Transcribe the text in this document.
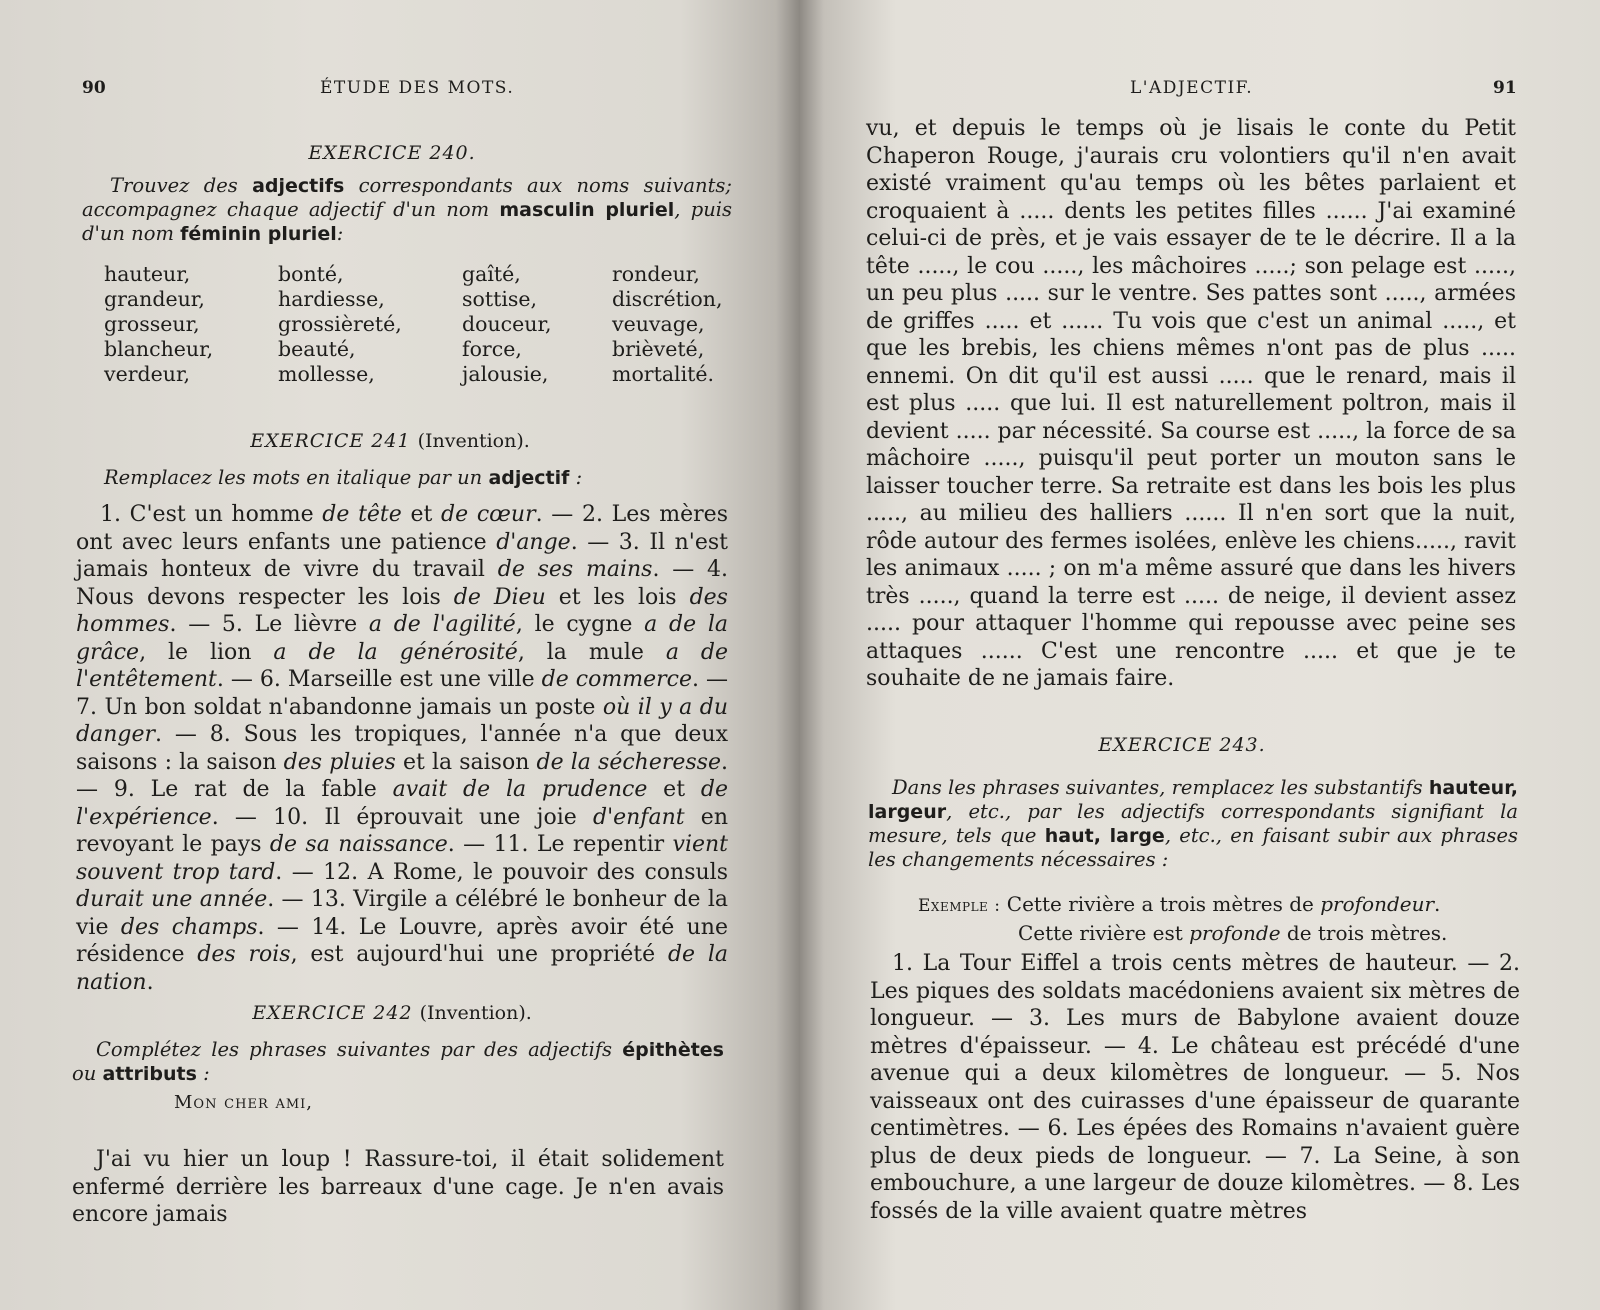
90	ÉTUDE DES MOTS.
EXERCICE 240.
Trouvez des adjectifs correspondants aux noms suivants; accompagnez chaque adjectif d'un nom masculin pluriel, puis d'un nom féminin pluriel:
hauteur,
grandeur,
grosseur,
blancheur,
verdeur,
bonté,
hardiesse,
grossièreté,
beauté,
mollesse,
gaîté,
sottise,
douceur,
force,
jalousie,
rondeur,
discrétion,
veuvage,
brièveté,
mortalité.
EXERCICE 241 (Invention).
Remplacez les mots en italique par un adjectif :
1. C'est un homme de tête et de cœur. — 2. Les mères ont avec leurs enfants une patience d'ange. — 3. Il n'est jamais honteux de vivre du travail de ses mains. — 4. Nous devons respecter les lois de Dieu et les lois des hommes. — 5. Le lièvre a de l'agilité, le cygne a de la grâce, le lion a de la générosité, la mule a de l'entêtement. — 6. Marseille est une ville de commerce. — 7. Un bon soldat n'abandonne jamais un poste où il y a du danger. — 8. Sous les tropiques, l'année n'a que deux saisons : la saison des pluies et la saison de la sécheresse. — 9. Le rat de la fable avait de la prudence et de l'expérience. — 10. Il éprouvait une joie d'enfant en revoyant le pays de sa naissance. — 11. Le repentir vient souvent trop tard. — 12. A Rome, le pouvoir des consuls durait une année. — 13. Virgile a célébré le bonheur de la vie des champs. — 14. Le Louvre, après avoir été une résidence des rois, est aujourd'hui une propriété de la nation.
EXERCICE 242 (Invention).
Complétez les phrases suivantes par des adjectifs épithètes ou attributs :
Mon cher ami,
J'ai vu hier un loup ! Rassure-toi, il était solidement enfermé derrière les barreaux d'une cage. Je n'en avais encore jamais
L'ADJECTIF.	91
vu, et depuis le temps où je lisais le conte du Petit Chaperon Rouge, j'aurais cru volontiers qu'il n'en avait existé vraiment qu'au temps où les bêtes parlaient et croquaient à ..... dents les petites filles ...... J'ai examiné celui-ci de près, et je vais essayer de te le décrire. Il a la tête ....., le cou ....., les mâchoires .....; son pelage est ....., un peu plus ..... sur le ventre. Ses pattes sont ....., armées de griffes ..... et ...... Tu vois que c'est un animal ....., et que les brebis, les chiens mêmes n'ont pas de plus ..... ennemi. On dit qu'il est aussi ..... que le renard, mais il est plus ..... que lui. Il est naturellement poltron, mais il devient ..... par nécessité. Sa course est ....., la force de sa mâchoire ....., puisqu'il peut porter un mouton sans le laisser toucher terre. Sa retraite est dans les bois les plus ....., au milieu des halliers ...... Il n'en sort que la nuit, rôde autour des fermes isolées, enlève les chiens....., ravit les animaux ..... ; on m'a même assuré que dans les hivers très ....., quand la terre est ..... de neige, il devient assez ..... pour attaquer l'homme qui repousse avec peine ses attaques ...... C'est une rencontre ..... et que je te souhaite de ne jamais faire.
EXERCICE 243.
Dans les phrases suivantes, remplacez les substantifs hauteur, largeur, etc., par les adjectifs correspondants signifiant la mesure, tels que haut, large, etc., en faisant subir aux phrases les changements nécessaires :
Exemple : Cette rivière a trois mètres de profondeur.
Cette rivière est profonde de trois mètres.
1. La Tour Eiffel a trois cents mètres de hauteur. — 2. Les piques des soldats macédoniens avaient six mètres de longueur. — 3. Les murs de Babylone avaient douze mètres d'épaisseur. — 4. Le château est précédé d'une avenue qui a deux kilomètres de longueur. — 5. Nos vaisseaux ont des cuirasses d'une épaisseur de quarante centimètres. — 6. Les épées des Romains n'avaient guère plus de deux pieds de longueur. — 7. La Seine, à son embouchure, a une largeur de douze kilomètres. — 8. Les fossés de la ville avaient quatre mètres
